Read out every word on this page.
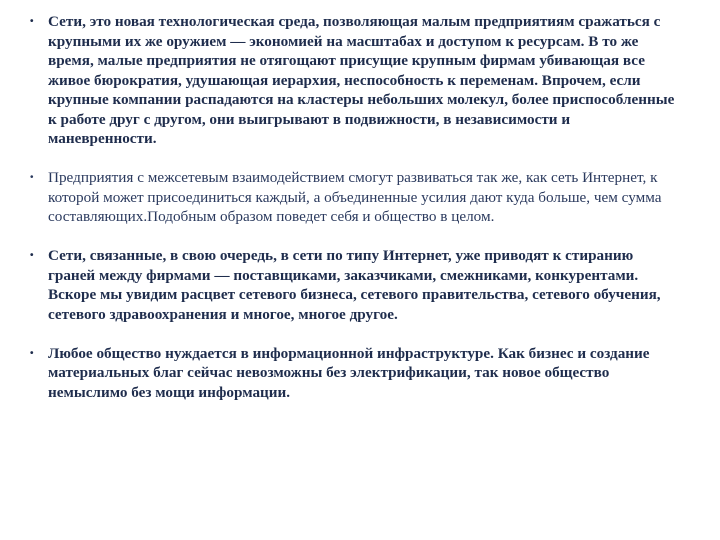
• Сети, это новая технологическая среда, позволяющая малым предприятиям сражаться с крупными их же оружием — экономией на масштабах и доступом к ресурсам. В то же время, малые предприятия не отягощают присущие крупным фирмам убивающая все живое бюрократия, удушающая иерархия, неспособность к переменам. Впрочем, если крупные компании распадаются на кластеры небольших молекул, более приспособленные к работе друг с другом, они выигрывают в подвижности, в независимости и маневренности.
• Предприятия с межсетевым взаимодействием смогут развиваться так же, как сеть Интернет, к которой может присоединиться каждый, а объединенные усилия дают куда больше, чем сумма составляющих.Подобным образом поведет себя и общество в целом.
• Сети, связанные, в свою очередь, в сети по типу Интернет, уже приводят к стиранию граней между фирмами — поставщиками, заказчиками, смежниками, конкурентами. Вскоре мы увидим расцвет сетевого бизнеса, сетевого правительства, сетевого обучения, сетевого здравоохранения и многое, многое другое.
• Любое общество нуждается в информационной инфраструктуре. Как бизнес и создание материальных благ сейчас невозможны без электрификации, так новое общество немыслимо без мощи информации.
